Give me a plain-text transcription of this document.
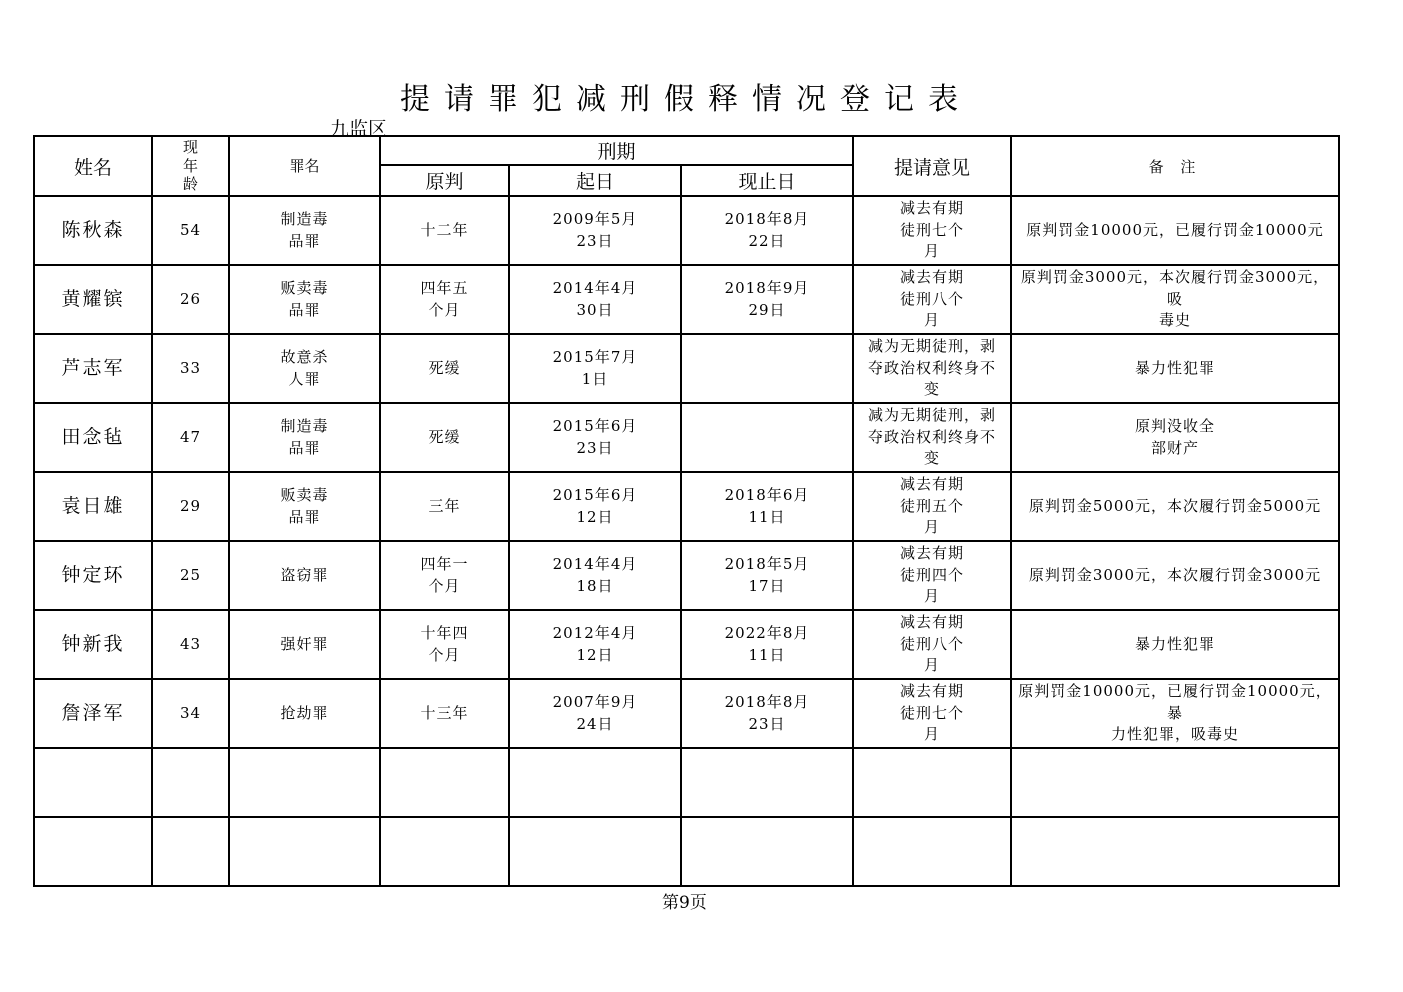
提请罪犯减刑假释情况登记表
九监区
姓名	现
年
龄	罪名	刑期			提请意见	备 注
			原判	起日	现止日		
陈秋森	54	制造毒
品罪	十二年	2009年5月
23日	2018年8月
22日	减去有期
徒刑七个
月	原判罚金10000元，已履行罚金10000元
黄耀镔	26	贩卖毒
品罪	四年五
个月	2014年4月
30日	2018年9月
29日	减去有期
徒刑八个
月	原判罚金3000元，本次履行罚金3000元，吸
毒史
芦志军	33	故意杀
人罪	死缓	2015年7月
1日		减为无期徒刑，剥
夺政治权利终身不
变	暴力性犯罪
田念毡	47	制造毒
品罪	死缓	2015年6月
23日		减为无期徒刑，剥
夺政治权利终身不
变	原判没收全
部财产
袁日雄	29	贩卖毒
品罪	三年	2015年6月
12日	2018年6月
11日	减去有期
徒刑五个
月	原判罚金5000元，本次履行罚金5000元
钟定环	25	盗窃罪	四年一
个月	2014年4月
18日	2018年5月
17日	减去有期
徒刑四个
月	原判罚金3000元，本次履行罚金3000元
钟新我	43	强奸罪	十年四
个月	2012年4月
12日	2022年8月
11日	减去有期
徒刑八个
月	暴力性犯罪
詹泽军	34	抢劫罪	十三年	2007年9月
24日	2018年8月
23日	减去有期
徒刑七个
月	原判罚金10000元，已履行罚金10000元，暴
力性犯罪，吸毒史

第9页
